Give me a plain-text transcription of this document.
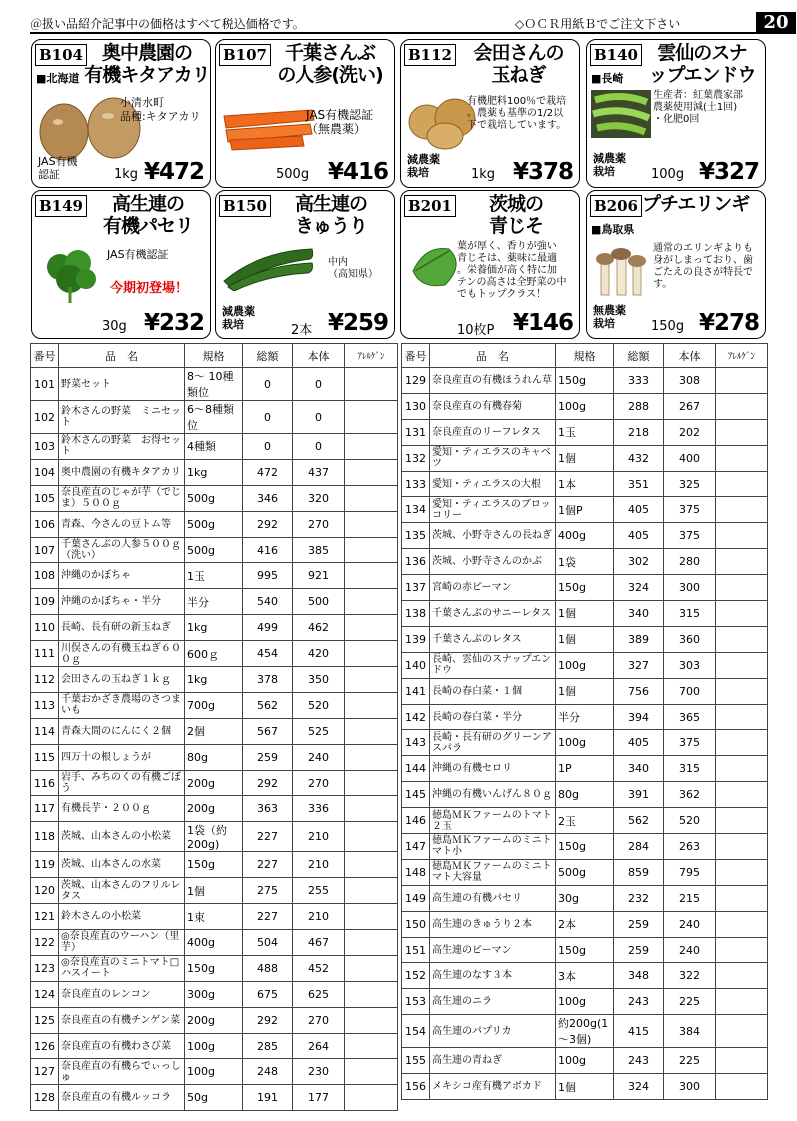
＠扱い品紹介記事中の価格はすべて税込価格です。	◇ＯＣＲ用紙Ｂでご注文下さい	20
B104 奥中農園の
有機キタアカリ
■北海道
小清水町
品種:キタアカリ
JAS有機
認証	1kg ¥472
B107 千葉さんぶ
の人参(洗い)
JAS有機認証
（無農薬）
500g ¥416
B112	会田さんの
玉ねぎ
有機肥料100％で栽培
。農薬も基準の1/2以
下で栽培しています。
減農薬
栽培	1kg ¥378
B140	雲仙のスナ
ップエンドウ
■長崎
生産者：紅葉農家部
農薬使用減(土1回)
・化肥0回
減農薬
栽培	100g ¥327
B149	高生連の
有機パセリ
JAS有機認証
今期初登場！
30g ¥232
B150	高生連の
きゅうり
中内
（高知県）
減農薬
栽培	2本 ¥259
B201	茨城の
青じそ
葉が厚く、香りが強い
青じそは、薬味に最適
。栄養価が高く特に加
テンの高さは全野菜の中
でもトップクラス！
10枚P ¥146
B206 プチエリンギ
■鳥取県
通常のエリンギよりも
身がしまっており、歯
ごたえの良さが特長で
す。
無農薬
栽培	150g ¥278
番号	品　名	規格	総額	本体	ｱﾚﾙｹﾞﾝ
101	野菜セット	8～ 10種類位	0	0	
102	鈴木さんの野菜　ミニセット	6～8種類位	0	0	
103	鈴木さんの野菜　お得セット	4種類	0	0	
104	奥中農園の有機キタアカリ	1kg	472	437	
105	奈良産直のじゃが芋（でじま）５００ｇ	500g	346	320	
106	青森、今さんの豆トム等	500g	292	270	
107	千葉さんぶの人参５００ｇ（洗い）	500g	416	385	
108	沖縄のかぼちゃ	1玉	995	921	
109	沖縄のかぼちゃ・半分	半分	540	500	
110	長崎、長有研の新玉ねぎ	1kg	499	462	
111	川俣さんの有機玉ねぎ６００ｇ	600ｇ	454	420	
112	会田さんの玉ねぎ１ｋｇ	1kg	378	350	
113	千葉おかざき農場のさつまいも	700g	562	520	
114	青森大間のにんにく２個	2個	567	525	
115	四万十の根しょうが	80g	259	240	
116	岩手、みちのくの有機ごぼう	200g	292	270	
117	有機長芋・２００ｇ	200g	363	336	
118	茨城、山本さんの小松菜	1袋（約200g)	227	210	
119	茨城、山本さんの水菜	150g	227	210	
120	茨城、山本さんのフリルレタス	1個	275	255	
121	鈴木さんの小松菜	1束	227	210	
122	◎奈良産直のウーハン（里芋）	400g	504	467	
123	◎奈良産直のミニトマト□ハスイート	150g	488	452	
124	奈良産直のレンコン	300g	675	625	
125	奈良産直の有機チンゲン菜	200g	292	270	
126	奈良産直の有機わさび菜	100g	285	264	
127	奈良産直の有機らでぃっしゅ	100g	248	230	
128	奈良産直の有機ルッコラ	50g	191	177	
番号	品　名	規格	総額	本体	ｱﾚﾙｹﾞﾝ
129	奈良産直の有機ほうれん草	150g	333	308	
130	奈良産直の有機春菊	100g	288	267	
131	奈良産直のリーフレタス	1玉	218	202	
132	愛知・ティエラスのキャベツ	1個	432	400	
133	愛知・ティエラスの大根	1本	351	325	
134	愛知・ティエラスのブロッコリー	1個P	405	375	
135	茨城、小野寺さんの長ねぎ	400g	405	375	
136	茨城、小野寺さんのかぶ	1袋	302	280	
137	宮崎の赤ピーマン	150g	324	300	
138	千葉さんぶのサニーレタス	1個	340	315	
139	千葉さんぶのレタス	1個	389	360	
140	長崎、雲仙のスナップエンドウ	100g	327	303	
141	長崎の春白菜・１個	1個	756	700	
142	長崎の春白菜・半分	半分	394	365	
143	長崎・長有研のグリーンアスパラ	100g	405	375	
144	沖縄の有機セロリ	1P	340	315	
145	沖縄の有機いんげん８０ｇ	80g	391	362	
146	徳島ＭＫファームのトマト２玉	2玉	562	520	
147	徳島ＭＫファームのミニトマト小	150g	284	263	
148	徳島ＭＫファームのミニトマト大容量	500g	859	795	
149	高生連の有機パセリ	30g	232	215	
150	高生連のきゅうり２本	2本	259	240	
151	高生連のピーマン	150g	259	240	
152	高生連のなす３本	3本	348	322	
153	高生連のニラ	100g	243	225	
154	高生連のパプリカ	約200g(1～3個)	415	384	
155	高生連の青ねぎ	100g	243	225	
156	メキシコ産有機アボカド	1個	324	300	
